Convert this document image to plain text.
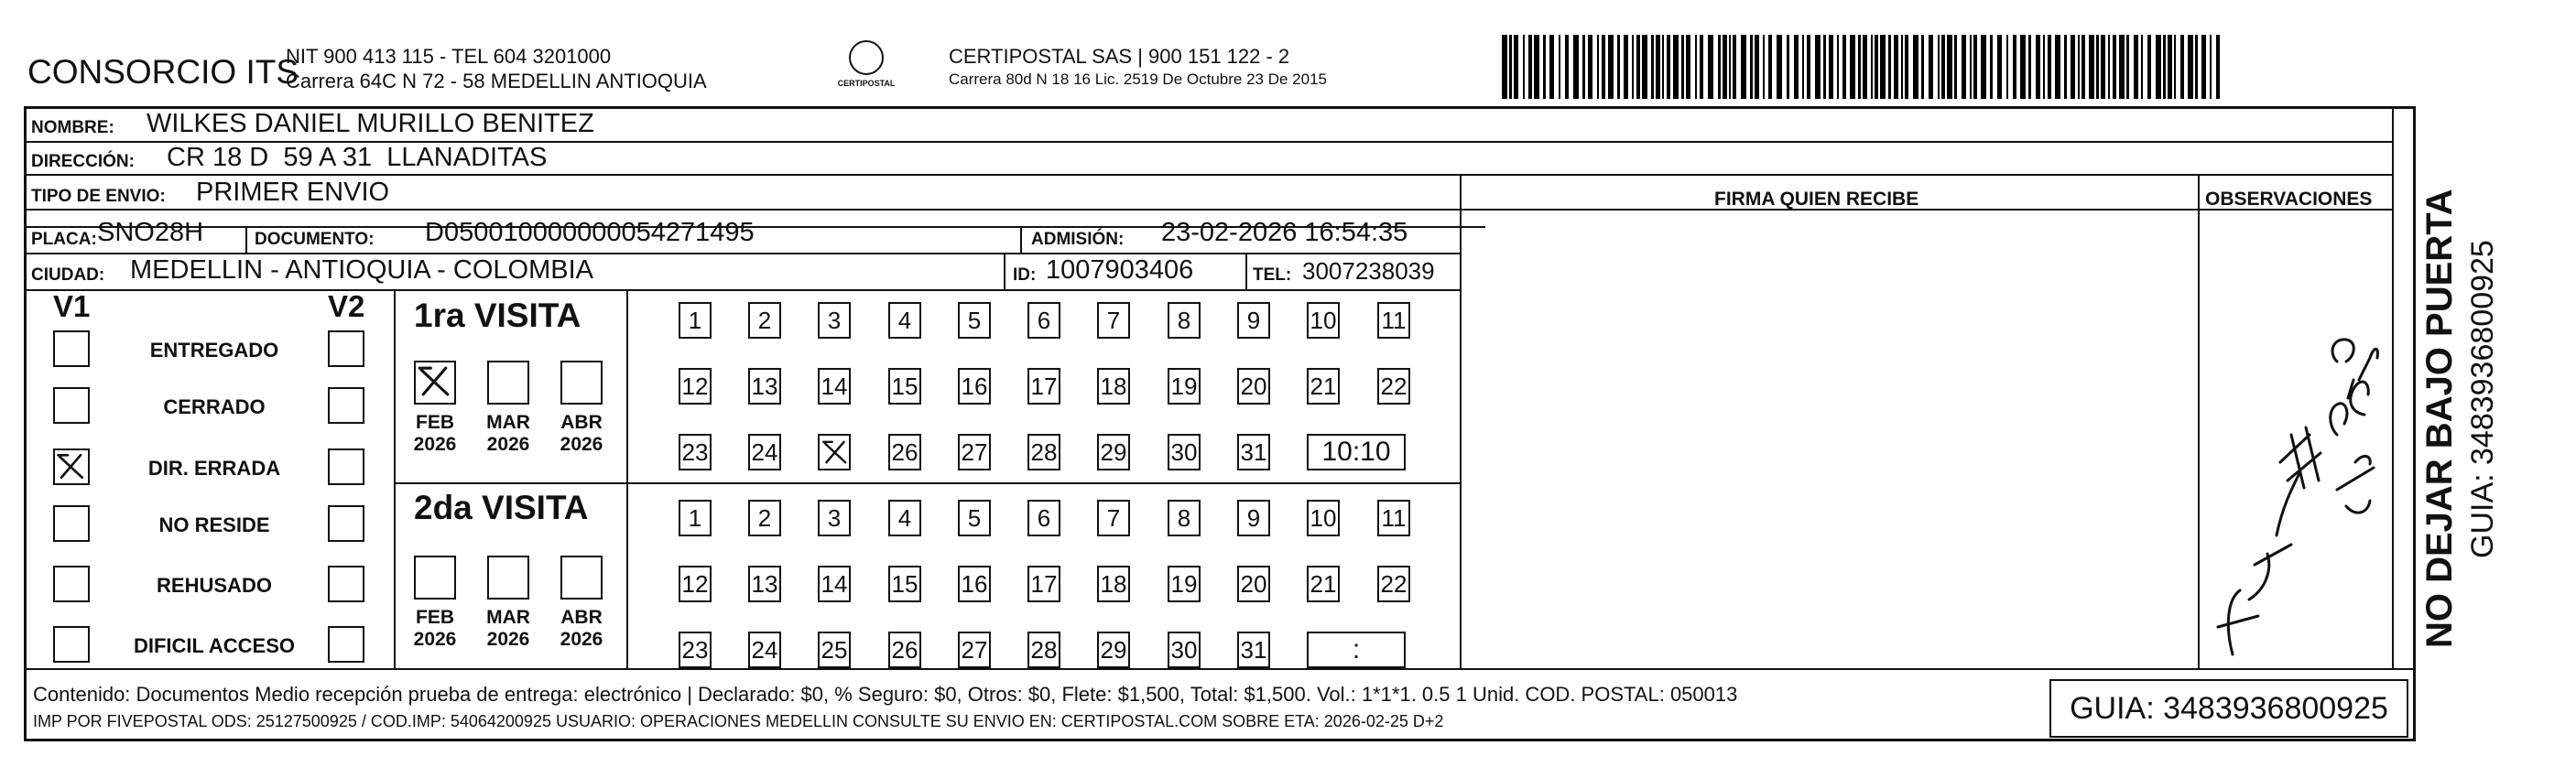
CONSORCIO ITS
NIT 900 413 115 - TEL 604 3201000
Carrera 64C N 72 - 58 MEDELLIN ANTIOQUIA	CERTIPOSTAL
CERTIPOSTAL SAS | 900 151 122 - 2
Carrera 80d N 18 16 Lic. 2519 De Octubre 23 De 2015
NOMBRE: WILKES DANIEL MURILLO BENITEZ
DIRECCIÓN: CR 18 D  59 A 31  LLANADITAS
TIPO DE ENVIO: PRIMER ENVIO	FIRMA QUIEN RECIBE	OBSERVACIONES
PLACA: SNO28H	DOCUMENTO: D050010000000054271495	ADMISIÓN: 23-02-2026 16:54:35
CIUDAD: MEDELLIN - ANTIOQUIA - COLOMBIA	ID: 1007903406	TEL: 3007238039
V1	V2
ENTREGADO
CERRADO
DIR. ERRADA
NO RESIDE
REHUSADO
DIFICIL ACCESO
1ra VISITA
FEB
2026
MAR
2026
ABR
2026
1	2	3	4	5	6	7	8	9	10 11
12 13 14 15 16 17 18 19 20 21 22
23 24	26 27 28 29 30 31	10:10
2da VISITA
FEB
2026
MAR
2026
ABR
2026
1	2	3	4	5	6	7	8	9	10 11
12 13 14 15 16 17 18 19 20 21 22
23 24 25 26 27 28 29 30 31	:
NO DEJAR BAJO PUERTA GUIA: 3483936800925
Contenido: Documentos Medio recepción prueba de entrega: electrónico | Declarado: $0, % Seguro: $0, Otros: $0, Flete: $1,500, Total: $1,500. Vol.: 1*1*1. 0.5 1 Unid. COD. POSTAL: 050013
IMP POR FIVEPOSTAL ODS: 25127500925 / COD.IMP: 54064200925 USUARIO: OPERACIONES MEDELLIN CONSULTE SU ENVIO EN: CERTIPOSTAL.COM SOBRE ETA: 2026-02-25 D+2	GUIA: 3483936800925
